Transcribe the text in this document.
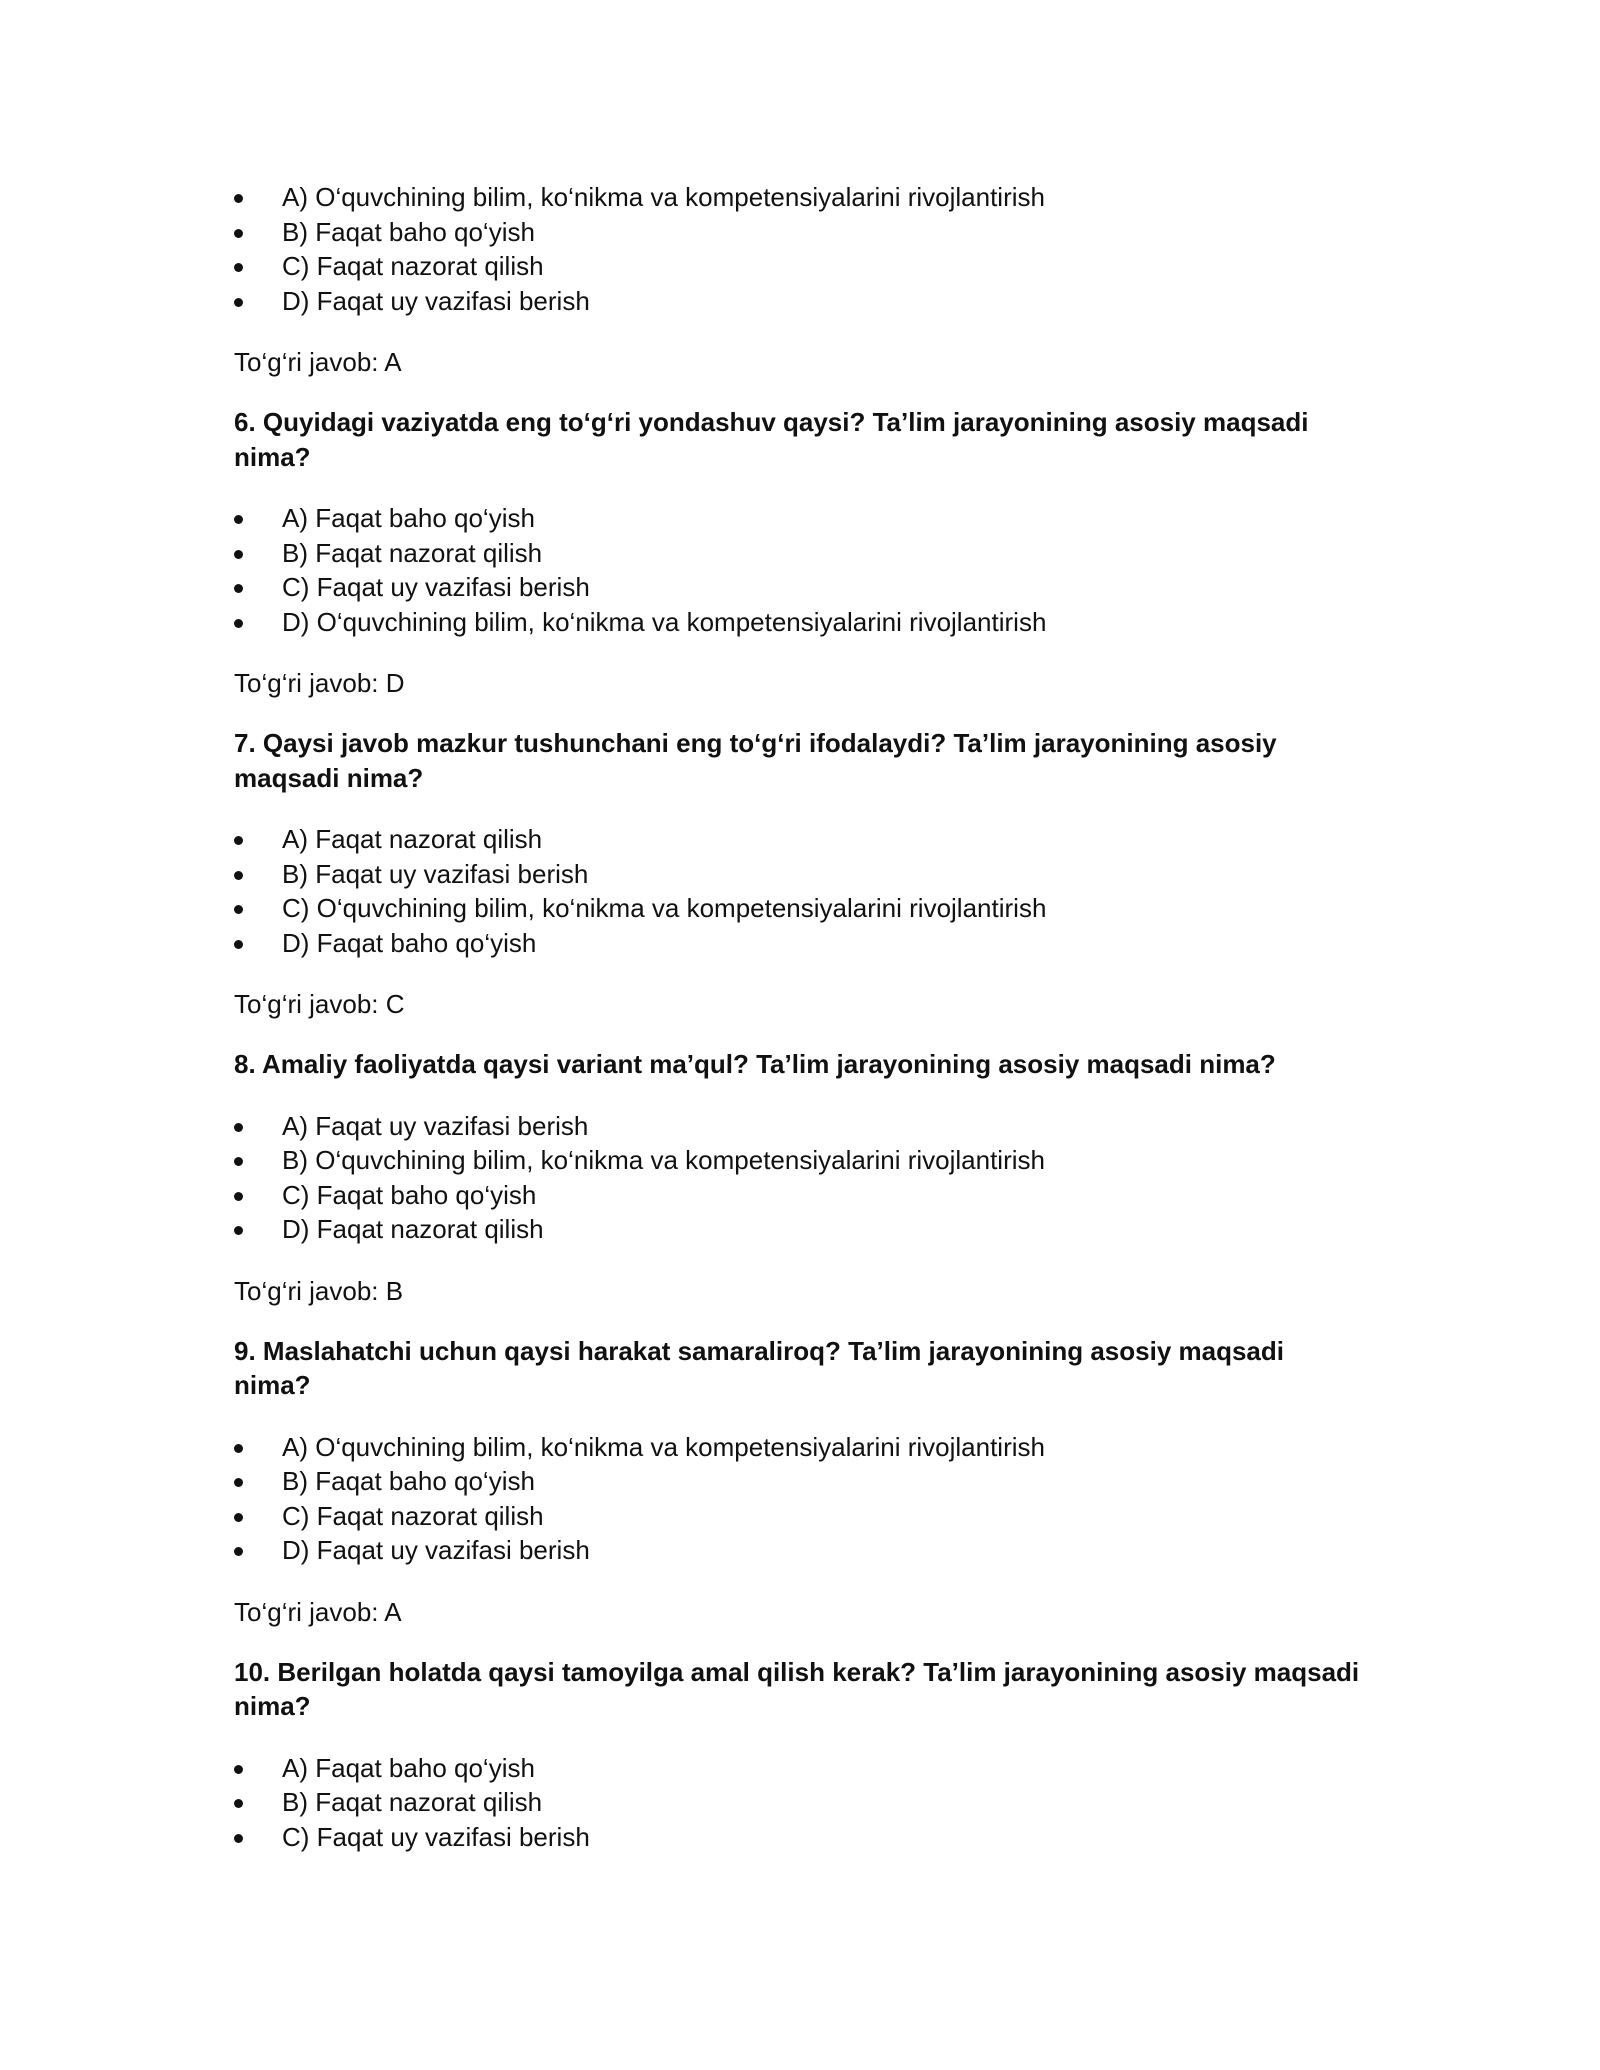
A) O‘quvchining bilim, ko‘nikma va kompetensiyalarini rivojlantirish
B) Faqat baho qo‘yish
C) Faqat nazorat qilish
D) Faqat uy vazifasi berish

To‘g‘ri javob: A

6. Quyidagi vaziyatda eng to‘g‘ri yondashuv qaysi? Ta’lim jarayonining asosiy maqsadi nima?

A) Faqat baho qo‘yish
B) Faqat nazorat qilish
C) Faqat uy vazifasi berish
D) O‘quvchining bilim, ko‘nikma va kompetensiyalarini rivojlantirish

To‘g‘ri javob: D

7. Qaysi javob mazkur tushunchani eng to‘g‘ri ifodalaydi? Ta’lim jarayonining asosiy maqsadi nima?

A) Faqat nazorat qilish
B) Faqat uy vazifasi berish
C) O‘quvchining bilim, ko‘nikma va kompetensiyalarini rivojlantirish
D) Faqat baho qo‘yish

To‘g‘ri javob: C

8. Amaliy faoliyatda qaysi variant ma’qul? Ta’lim jarayonining asosiy maqsadi nima?

A) Faqat uy vazifasi berish
B) O‘quvchining bilim, ko‘nikma va kompetensiyalarini rivojlantirish
C) Faqat baho qo‘yish
D) Faqat nazorat qilish

To‘g‘ri javob: B

9. Maslahatchi uchun qaysi harakat samaraliroq? Ta’lim jarayonining asosiy maqsadi nima?

A) O‘quvchining bilim, ko‘nikma va kompetensiyalarini rivojlantirish
B) Faqat baho qo‘yish
C) Faqat nazorat qilish
D) Faqat uy vazifasi berish

To‘g‘ri javob: A

10. Berilgan holatda qaysi tamoyilga amal qilish kerak? Ta’lim jarayonining asosiy maqsadi nima?

A) Faqat baho qo‘yish
B) Faqat nazorat qilish
C) Faqat uy vazifasi berish
